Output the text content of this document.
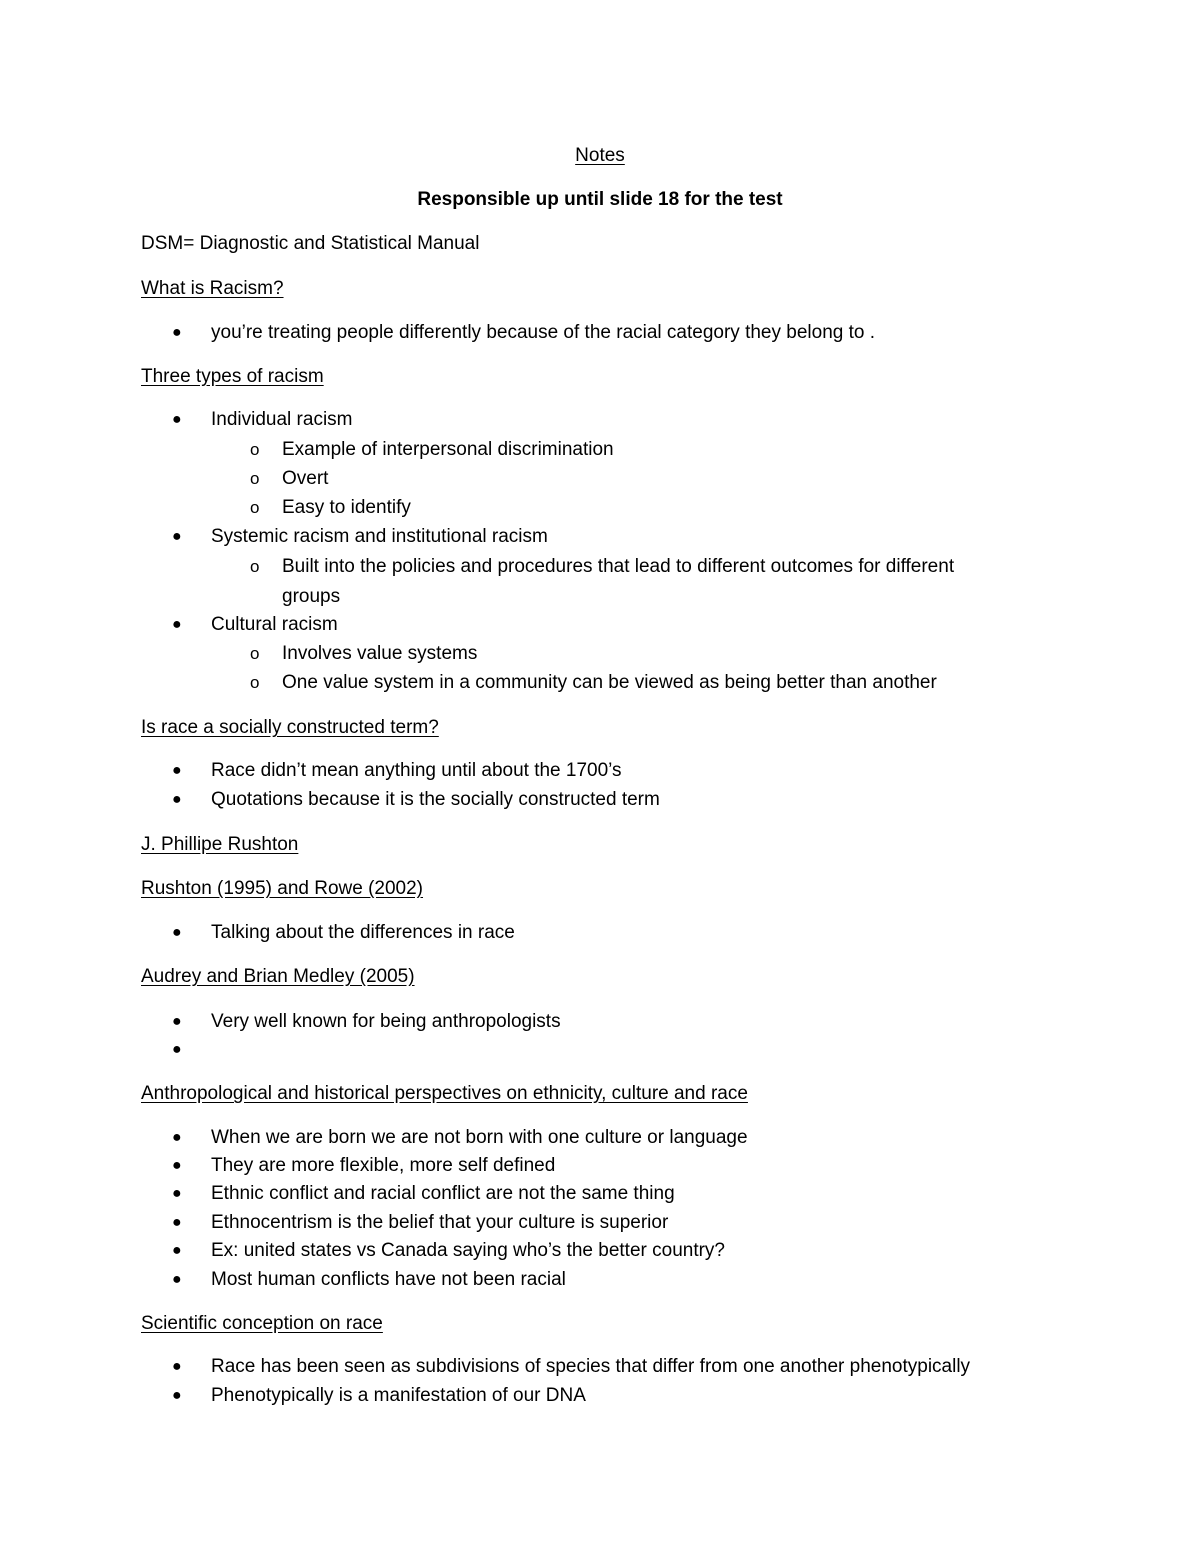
Notes
Responsible up until slide 18 for the test
DSM= Diagnostic and Statistical Manual
What is Racism?
● you’re treating people differently because of the racial category they belong to .
Three types of racism
● Individual racism
o Example of interpersonal discrimination
o Overt
o Easy to identify
● Systemic racism and institutional racism
o Built into the policies and procedures that lead to different outcomes for different
groups
● Cultural racism
o Involves value systems
o One value system in a community can be viewed as being better than another
Is race a socially constructed term?
● Race didn’t mean anything until about the 1700’s
● Quotations because it is the socially constructed term
J. Phillipe Rushton
Rushton (1995) and Rowe (2002)
● Talking about the differences in race
Audrey and Brian Medley (2005)
● Very well known for being anthropologists
●
Anthropological and historical perspectives on ethnicity, culture and race
● When we are born we are not born with one culture or language
● They are more flexible, more self defined
● Ethnic conflict and racial conflict are not the same thing
● Ethnocentrism is the belief that your culture is superior
● Ex: united states vs Canada saying who’s the better country?
● Most human conflicts have not been racial
Scientific conception on race
● Race has been seen as subdivisions of species that differ from one another phenotypically
● Phenotypically is a manifestation of our DNA
